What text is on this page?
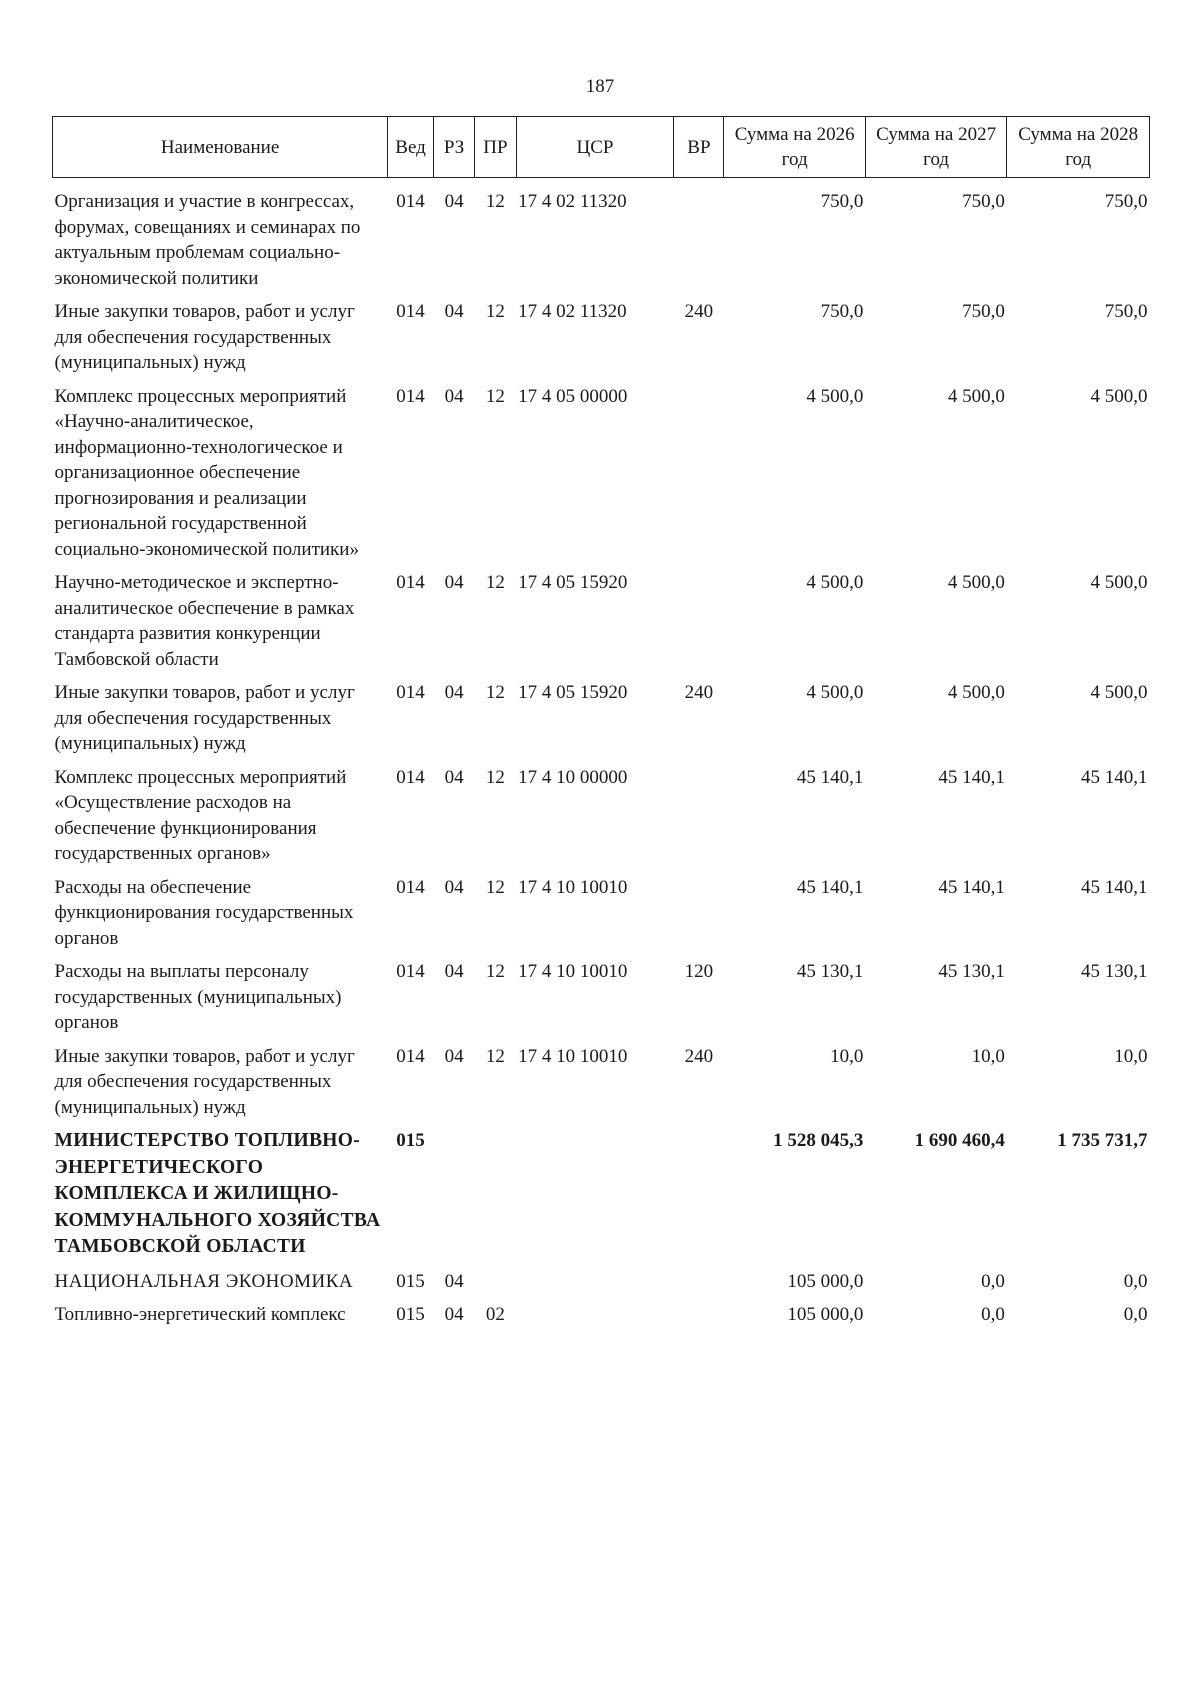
187
Наименование	Вед	РЗ	ПР	ЦСР	ВР	Сумма на 2026 год	Сумма на 2027 год	Сумма на 2028 год
Организация и участие в конгрессах, форумах, совещаниях и семинарах по актуальным проблемам социально-экономической политики	014	04	12	17 4 02 11320		750,0	750,0	750,0
Иные закупки товаров, работ и услуг для обеспечения государственных (муниципальных) нужд	014	04	12	17 4 02 11320	240	750,0	750,0	750,0
Комплекс процессных мероприятий «Научно-аналитическое, информационно-технологическое и организационное обеспечение прогнозирования и реализации региональной государственной социально-экономической политики»	014	04	12	17 4 05 00000		4 500,0	4 500,0	4 500,0
Научно-методическое и экспертно-аналитическое обеспечение в рамках стандарта развития конкуренции Тамбовской области	014	04	12	17 4 05 15920		4 500,0	4 500,0	4 500,0
Иные закупки товаров, работ и услуг для обеспечения государственных (муниципальных) нужд	014	04	12	17 4 05 15920	240	4 500,0	4 500,0	4 500,0
Комплекс процессных мероприятий «Осуществление расходов на обеспечение функционирования государственных органов»	014	04	12	17 4 10 00000		45 140,1	45 140,1	45 140,1
Расходы на обеспечение функционирования государственных органов	014	04	12	17 4 10 10010		45 140,1	45 140,1	45 140,1
Расходы на выплаты персоналу государственных (муниципальных) органов	014	04	12	17 4 10 10010	120	45 130,1	45 130,1	45 130,1
Иные закупки товаров, работ и услуг для обеспечения государственных (муниципальных) нужд	014	04	12	17 4 10 10010	240	10,0	10,0	10,0
МИНИСТЕРСТВО ТОПЛИВНО-ЭНЕРГЕТИЧЕСКОГО КОМПЛЕКСА И ЖИЛИЩНО-КОММУНАЛЬНОГО ХОЗЯЙСТВА ТАМБОВСКОЙ ОБЛАСТИ	015					1 528 045,3	1 690 460,4	1 735 731,7
НАЦИОНАЛЬНАЯ ЭКОНОМИКА	015	04				105 000,0	0,0	0,0
Топливно-энергетический комплекс	015	04	02			105 000,0	0,0	0,0
